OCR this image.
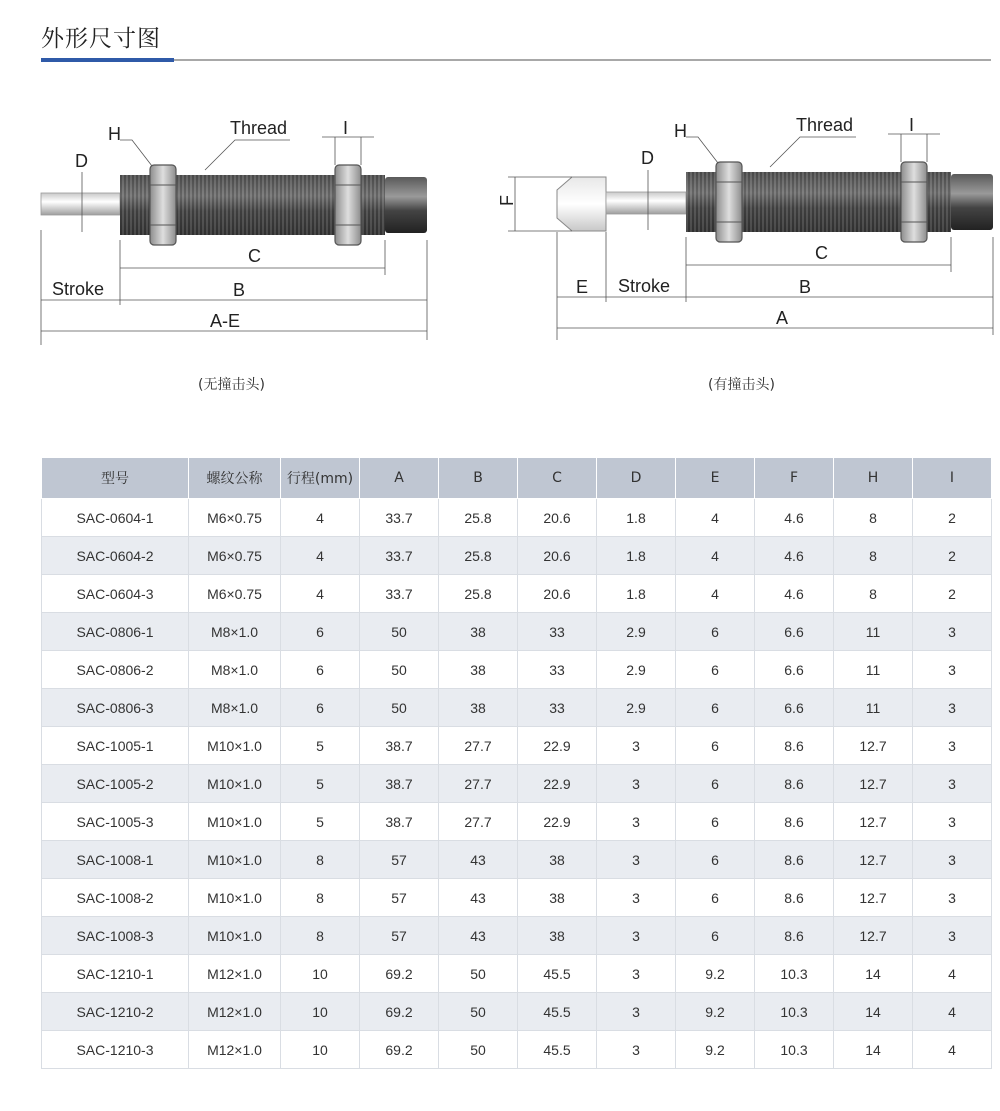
外形尺寸图
H	Thread	I
D
C
Stroke	B
A-E
H	Thread	I
D
F
C
E Stroke	B
A
(无撞击头)	(有撞击头)
型号	螺纹公称	行程(mm)	A	B	C	D	E	F	H	I
SAC-0604-1	M6×0.75	4	33.7	25.8	20.6	1.8	4	4.6	8	2
SAC-0604-2	M6×0.75	4	33.7	25.8	20.6	1.8	4	4.6	8	2
SAC-0604-3	M6×0.75	4	33.7	25.8	20.6	1.8	4	4.6	8	2
SAC-0806-1	M8×1.0	6	50	38	33	2.9	6	6.6	11	3
SAC-0806-2	M8×1.0	6	50	38	33	2.9	6	6.6	11	3
SAC-0806-3	M8×1.0	6	50	38	33	2.9	6	6.6	11	3
SAC-1005-1	M10×1.0	5	38.7	27.7	22.9	3	6	8.6	12.7	3
SAC-1005-2	M10×1.0	5	38.7	27.7	22.9	3	6	8.6	12.7	3
SAC-1005-3	M10×1.0	5	38.7	27.7	22.9	3	6	8.6	12.7	3
SAC-1008-1	M10×1.0	8	57	43	38	3	6	8.6	12.7	3
SAC-1008-2	M10×1.0	8	57	43	38	3	6	8.6	12.7	3
SAC-1008-3	M10×1.0	8	57	43	38	3	6	8.6	12.7	3
SAC-1210-1	M12×1.0	10	69.2	50	45.5	3	9.2	10.3	14	4
SAC-1210-2	M12×1.0	10	69.2	50	45.5	3	9.2	10.3	14	4
SAC-1210-3	M12×1.0	10	69.2	50	45.5	3	9.2	10.3	14	4
